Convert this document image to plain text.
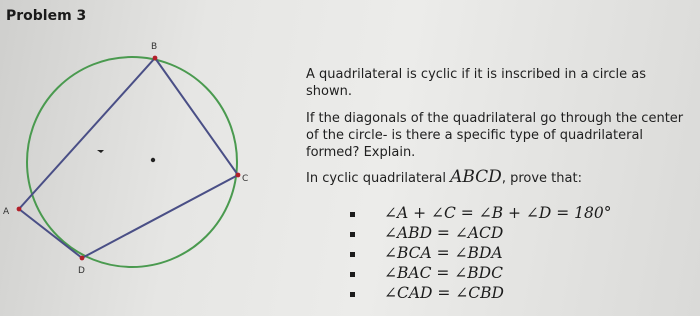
Problem 3
B
C
A
D

A quadrilateral is cyclic if it is inscribed in a circle as shown.

If the diagonals of the quadrilateral go through the center of the circle- is there a specific type of quadrilateral formed? Explain.

In cyclic quadrilateral ABCD, prove that:
∠A + ∠C = ∠B + ∠D = 180°
∠ABD = ∠ACD
∠BCA = ∠BDA
∠BAC = ∠BDC
∠CAD = ∠CBD
